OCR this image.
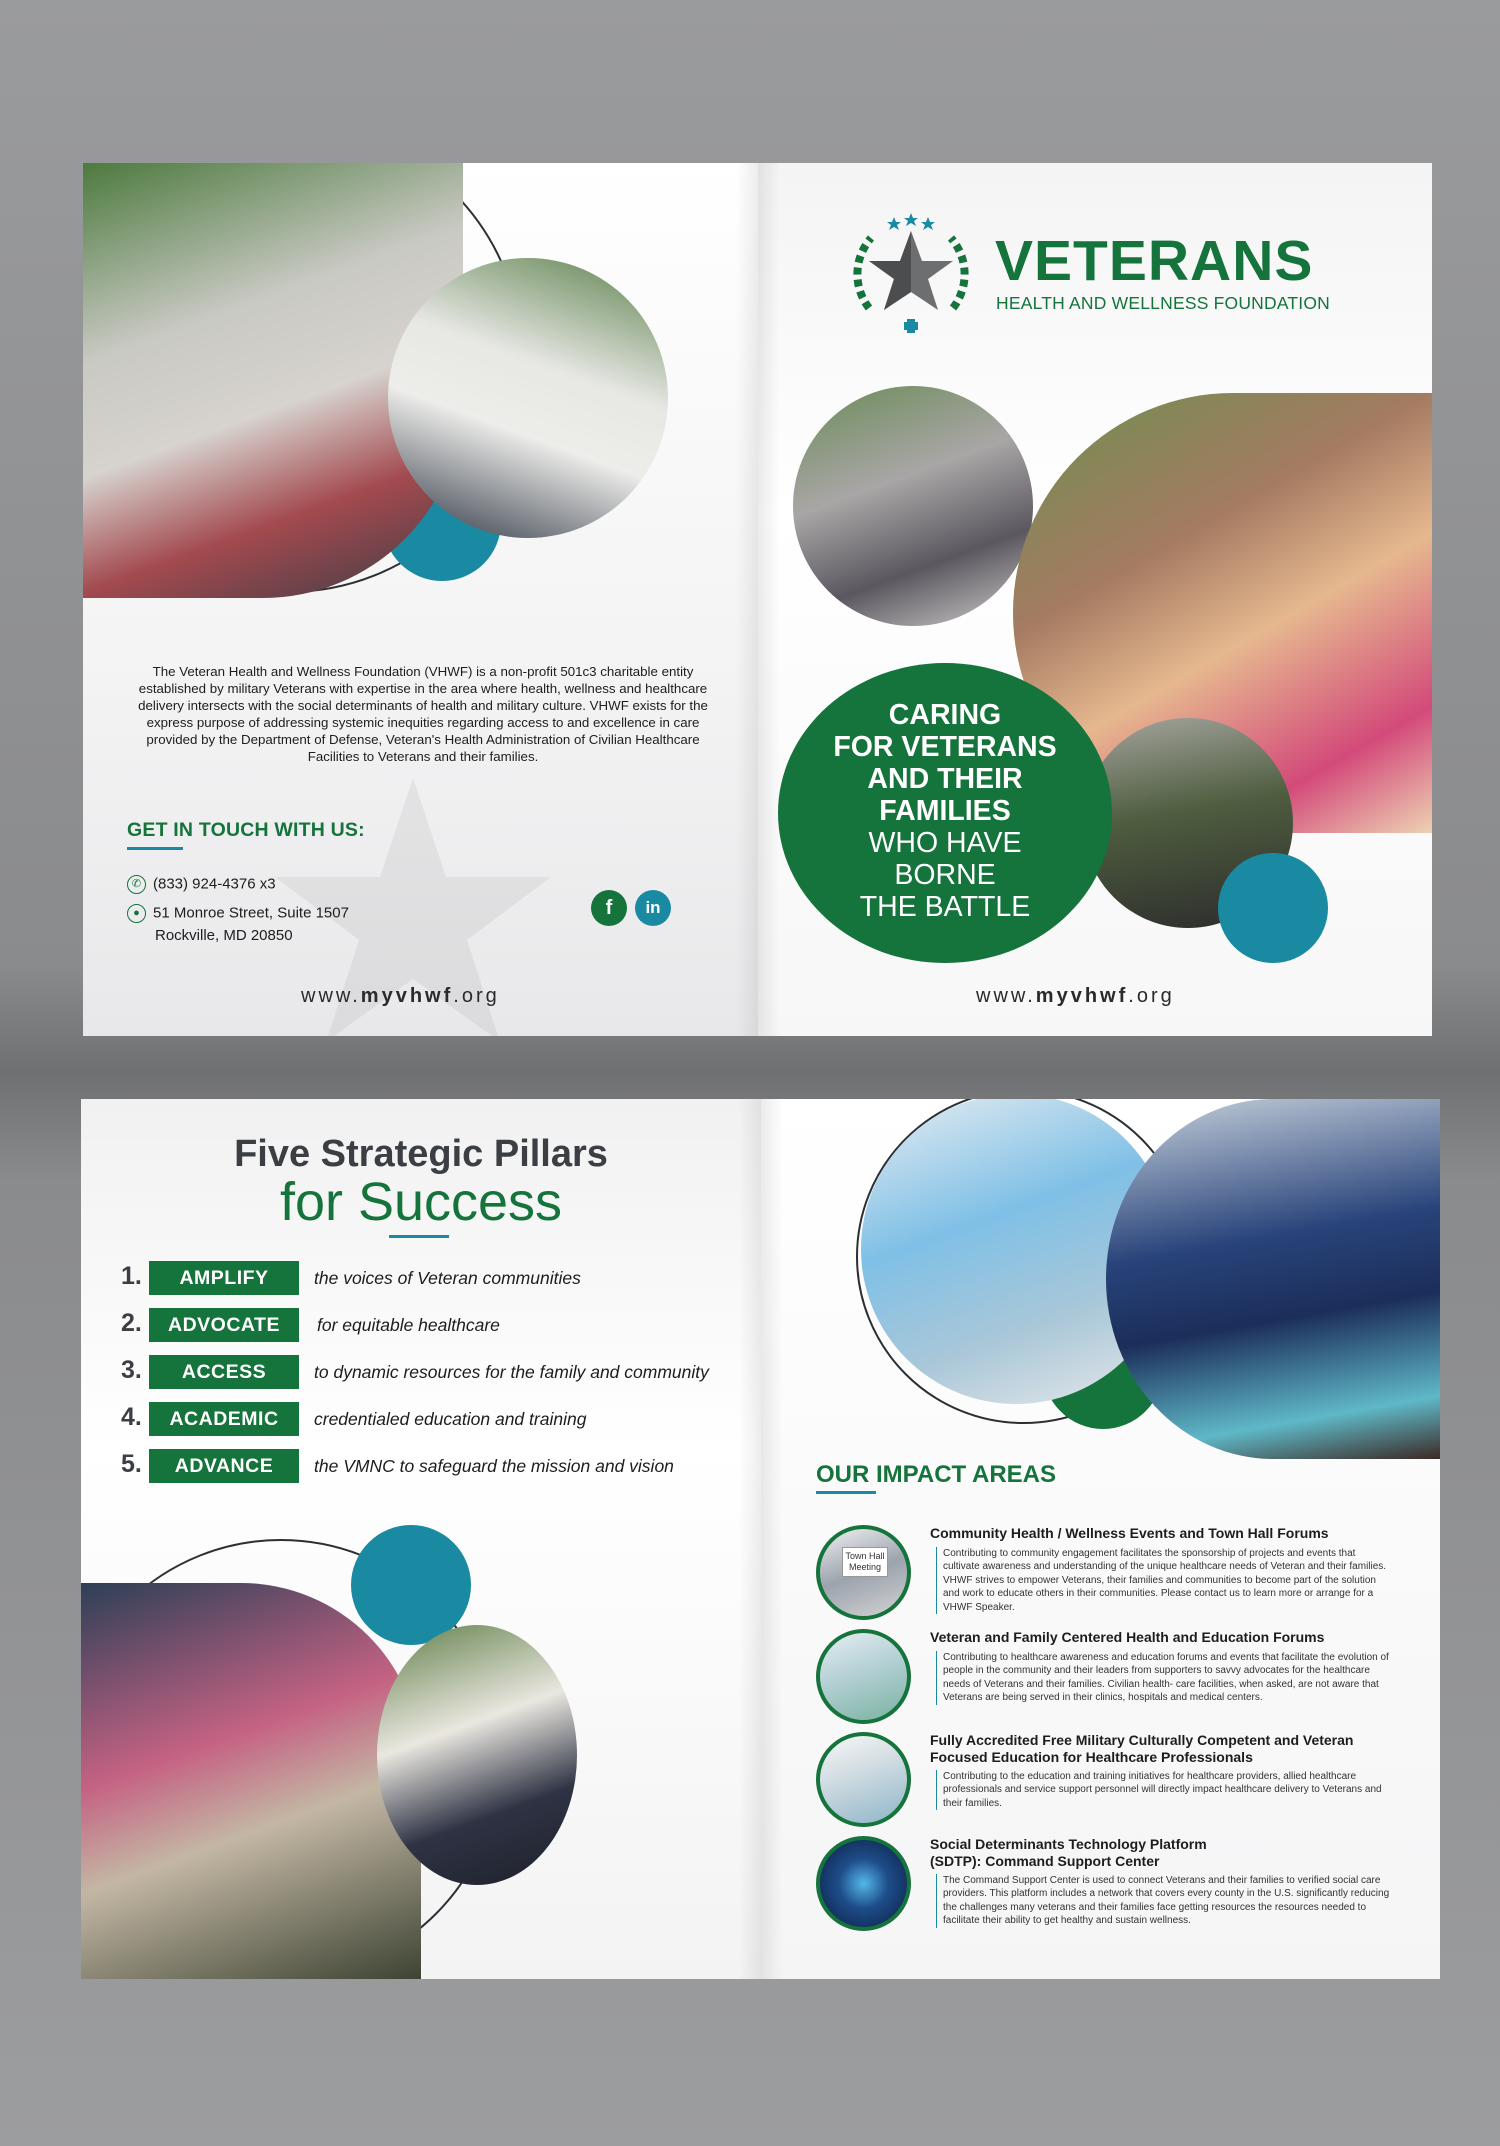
The Veteran Health and Wellness Foundation (VHWF) is a non-profit 501c3 charitable entity established by military Veterans with expertise in the area where health, wellness and healthcare delivery intersects with the social determinants of health and military culture. VHWF exists for the express purpose of addressing systemic inequities regarding access to and excellence in care provided by the Department of Defense, Veteran's Health Administration of Civilian Healthcare Facilities to Veterans and their families.

GET IN TOUCH WITH US:
✆ (833) 924-4376 x3
● 51 Monroe Street, Suite 1507
Rockville, MD 20850
f	in
www.myvhwf.org
VETERANS
HEALTH AND WELLNESS FOUNDATION
CARING
FOR VETERANS
AND THEIR
FAMILIES
WHO HAVE
BORNE
THE BATTLE
www.myvhwf.org
Five Strategic Pillars
for Success
1.	AMPLIFY	the voices of Veteran communities
2.	ADVOCATE	for equitable healthcare
3.	ACCESS	to dynamic resources for the family and community
4.	ACADEMIC	credentialed education and training
5.	ADVANCE	the VMNC to safeguard the mission and vision	OUR IMPACT AREAS
Town Hall Meeting
Community Health / Wellness Events and Town Hall Forums
Contributing to community engagement facilitates the sponsorship of projects and events that cultivate awareness and understanding of the unique healthcare needs of Veteran and their families. VHWF strives to empower Veterans, their families and communities to become part of the solution and work to educate others in their communities. Please contact us to learn more or arrange for a VHWF Speaker.
Veteran and Family Centered Health and Education Forums
Contributing to healthcare awareness and education forums and events that facilitate the evolution of people in the community and their leaders from supporters to savvy advocates for the healthcare needs of Veterans and their families. Civilian health- care facilities, when asked, are not aware that Veterans are being served in their clinics, hospitals and medical centers.
Fully Accredited Free Military Culturally Competent and Veteran Focused Education for Healthcare Professionals
Contributing to the education and training initiatives for healthcare providers, allied healthcare professionals and service support personnel will directly impact healthcare delivery to Veterans and their families.
Social Determinants Technology Platform (SDTP): Command Support Center
The Command Support Center is used to connect Veterans and their families to verified social care providers. This platform includes a network that covers every county in the U.S. significantly reducing the challenges many veterans and their families face getting resources the resources needed to facilitate their ability to get healthy and sustain wellness.
